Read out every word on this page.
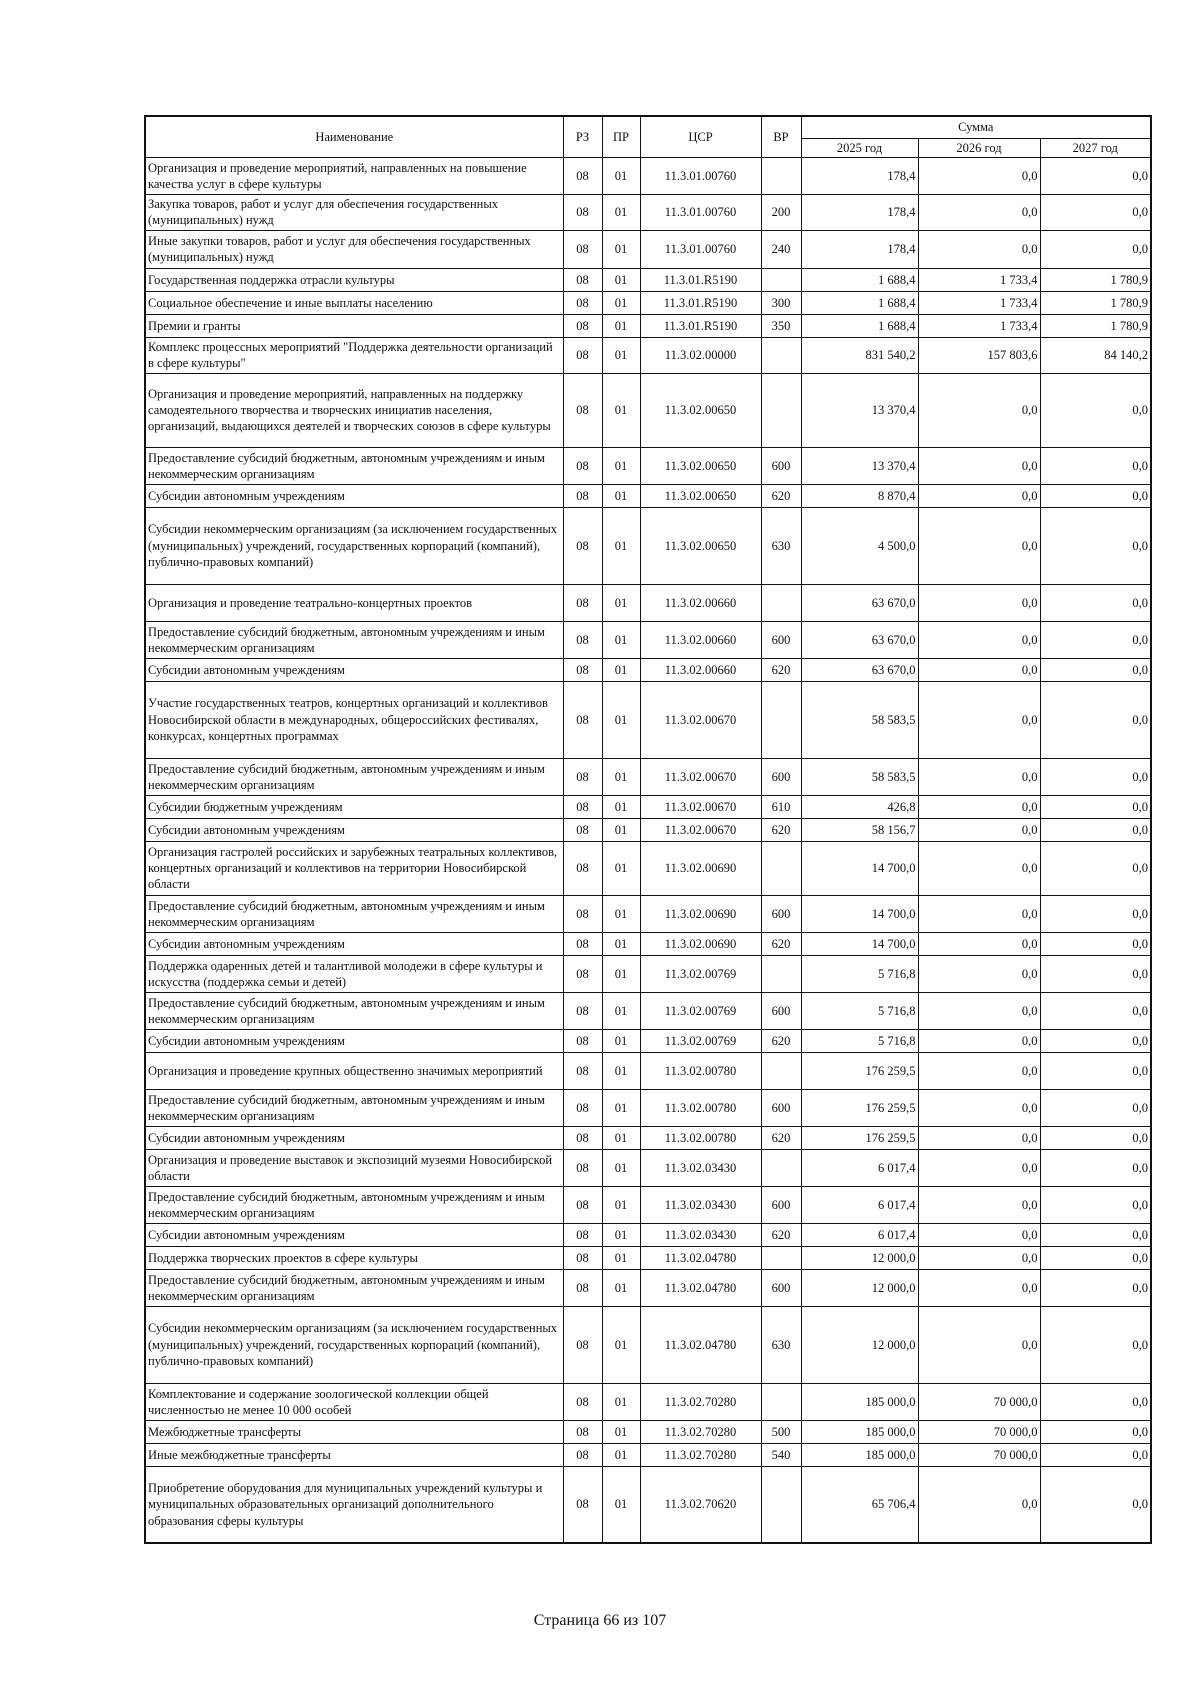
Наименование	РЗ	ПР	ЦСР	ВР	Сумма		
					2025 год	2026 год	2027 год
Организация и проведение мероприятий, направленных на повышение качества услуг в сфере культуры	08	01	11.3.01.00760		178,4	0,0	0,0
Закупка товаров, работ и услуг для обеспечения государственных (муниципальных) нужд	08	01	11.3.01.00760	200	178,4	0,0	0,0
Иные закупки товаров, работ и услуг для обеспечения государственных (муниципальных) нужд	08	01	11.3.01.00760	240	178,4	0,0	0,0
Государственная поддержка отрасли культуры	08	01	11.3.01.R5190		1 688,4	1 733,4	1 780,9
Социальное обеспечение и иные выплаты населению	08	01	11.3.01.R5190	300	1 688,4	1 733,4	1 780,9
Премии и гранты	08	01	11.3.01.R5190	350	1 688,4	1 733,4	1 780,9
Комплекс процессных мероприятий "Поддержка деятельности организаций в сфере культуры"	08	01	11.3.02.00000		831 540,2	157 803,6	84 140,2
Организация и проведение мероприятий, направленных на поддержку самодеятельного творчества и творческих инициатив населения, организаций, выдающихся деятелей и творческих союзов в сфере культуры	08	01	11.3.02.00650		13 370,4	0,0	0,0
Предоставление субсидий бюджетным, автономным учреждениям и иным некоммерческим организациям	08	01	11.3.02.00650	600	13 370,4	0,0	0,0
Субсидии автономным учреждениям	08	01	11.3.02.00650	620	8 870,4	0,0	0,0
Субсидии некоммерческим организациям (за исключением государственных (муниципальных) учреждений, государственных корпораций (компаний), публично-правовых компаний)	08	01	11.3.02.00650	630	4 500,0	0,0	0,0
Организация и проведение театрально-концертных проектов	08	01	11.3.02.00660		63 670,0	0,0	0,0
Предоставление субсидий бюджетным, автономным учреждениям и иным некоммерческим организациям	08	01	11.3.02.00660	600	63 670,0	0,0	0,0
Субсидии автономным учреждениям	08	01	11.3.02.00660	620	63 670,0	0,0	0,0
Участие государственных театров, концертных организаций и коллективов Новосибирской области в международных, общероссийских фестивалях, конкурсах, концертных программах	08	01	11.3.02.00670		58 583,5	0,0	0,0
Предоставление субсидий бюджетным, автономным учреждениям и иным некоммерческим организациям	08	01	11.3.02.00670	600	58 583,5	0,0	0,0
Субсидии бюджетным учреждениям	08	01	11.3.02.00670	610	426,8	0,0	0,0
Субсидии автономным учреждениям	08	01	11.3.02.00670	620	58 156,7	0,0	0,0
Организация гастролей российских и зарубежных театральных коллективов, концертных организаций и коллективов на территории Новосибирской области	08	01	11.3.02.00690		14 700,0	0,0	0,0
Предоставление субсидий бюджетным, автономным учреждениям и иным некоммерческим организациям	08	01	11.3.02.00690	600	14 700,0	0,0	0,0
Субсидии автономным учреждениям	08	01	11.3.02.00690	620	14 700,0	0,0	0,0
Поддержка одаренных детей и талантливой молодежи в сфере культуры и искусства (поддержка семьи и детей)	08	01	11.3.02.00769		5 716,8	0,0	0,0
Предоставление субсидий бюджетным, автономным учреждениям и иным некоммерческим организациям	08	01	11.3.02.00769	600	5 716,8	0,0	0,0
Субсидии автономным учреждениям	08	01	11.3.02.00769	620	5 716,8	0,0	0,0
Организация и проведение крупных общественно значимых мероприятий	08	01	11.3.02.00780		176 259,5	0,0	0,0
Предоставление субсидий бюджетным, автономным учреждениям и иным некоммерческим организациям	08	01	11.3.02.00780	600	176 259,5	0,0	0,0
Субсидии автономным учреждениям	08	01	11.3.02.00780	620	176 259,5	0,0	0,0
Организация и проведение выставок и экспозиций музеями Новосибирской области	08	01	11.3.02.03430		6 017,4	0,0	0,0
Предоставление субсидий бюджетным, автономным учреждениям и иным некоммерческим организациям	08	01	11.3.02.03430	600	6 017,4	0,0	0,0
Субсидии автономным учреждениям	08	01	11.3.02.03430	620	6 017,4	0,0	0,0
Поддержка творческих проектов в сфере культуры	08	01	11.3.02.04780		12 000,0	0,0	0,0
Предоставление субсидий бюджетным, автономным учреждениям и иным некоммерческим организациям	08	01	11.3.02.04780	600	12 000,0	0,0	0,0
Субсидии некоммерческим организациям (за исключением государственных (муниципальных) учреждений, государственных корпораций (компаний), публично-правовых компаний)	08	01	11.3.02.04780	630	12 000,0	0,0	0,0
Комплектование и содержание зоологической коллекции общей численностью не менее 10 000 особей	08	01	11.3.02.70280		185 000,0	70 000,0	0,0
Межбюджетные трансферты	08	01	11.3.02.70280	500	185 000,0	70 000,0	0,0
Иные межбюджетные трансферты	08	01	11.3.02.70280	540	185 000,0	70 000,0	0,0
Приобретение оборудования для муниципальных учреждений культуры и муниципальных образовательных организаций дополнительного образования сферы культуры	08	01	11.3.02.70620		65 706,4	0,0	0,0
Страница 66 из 107
